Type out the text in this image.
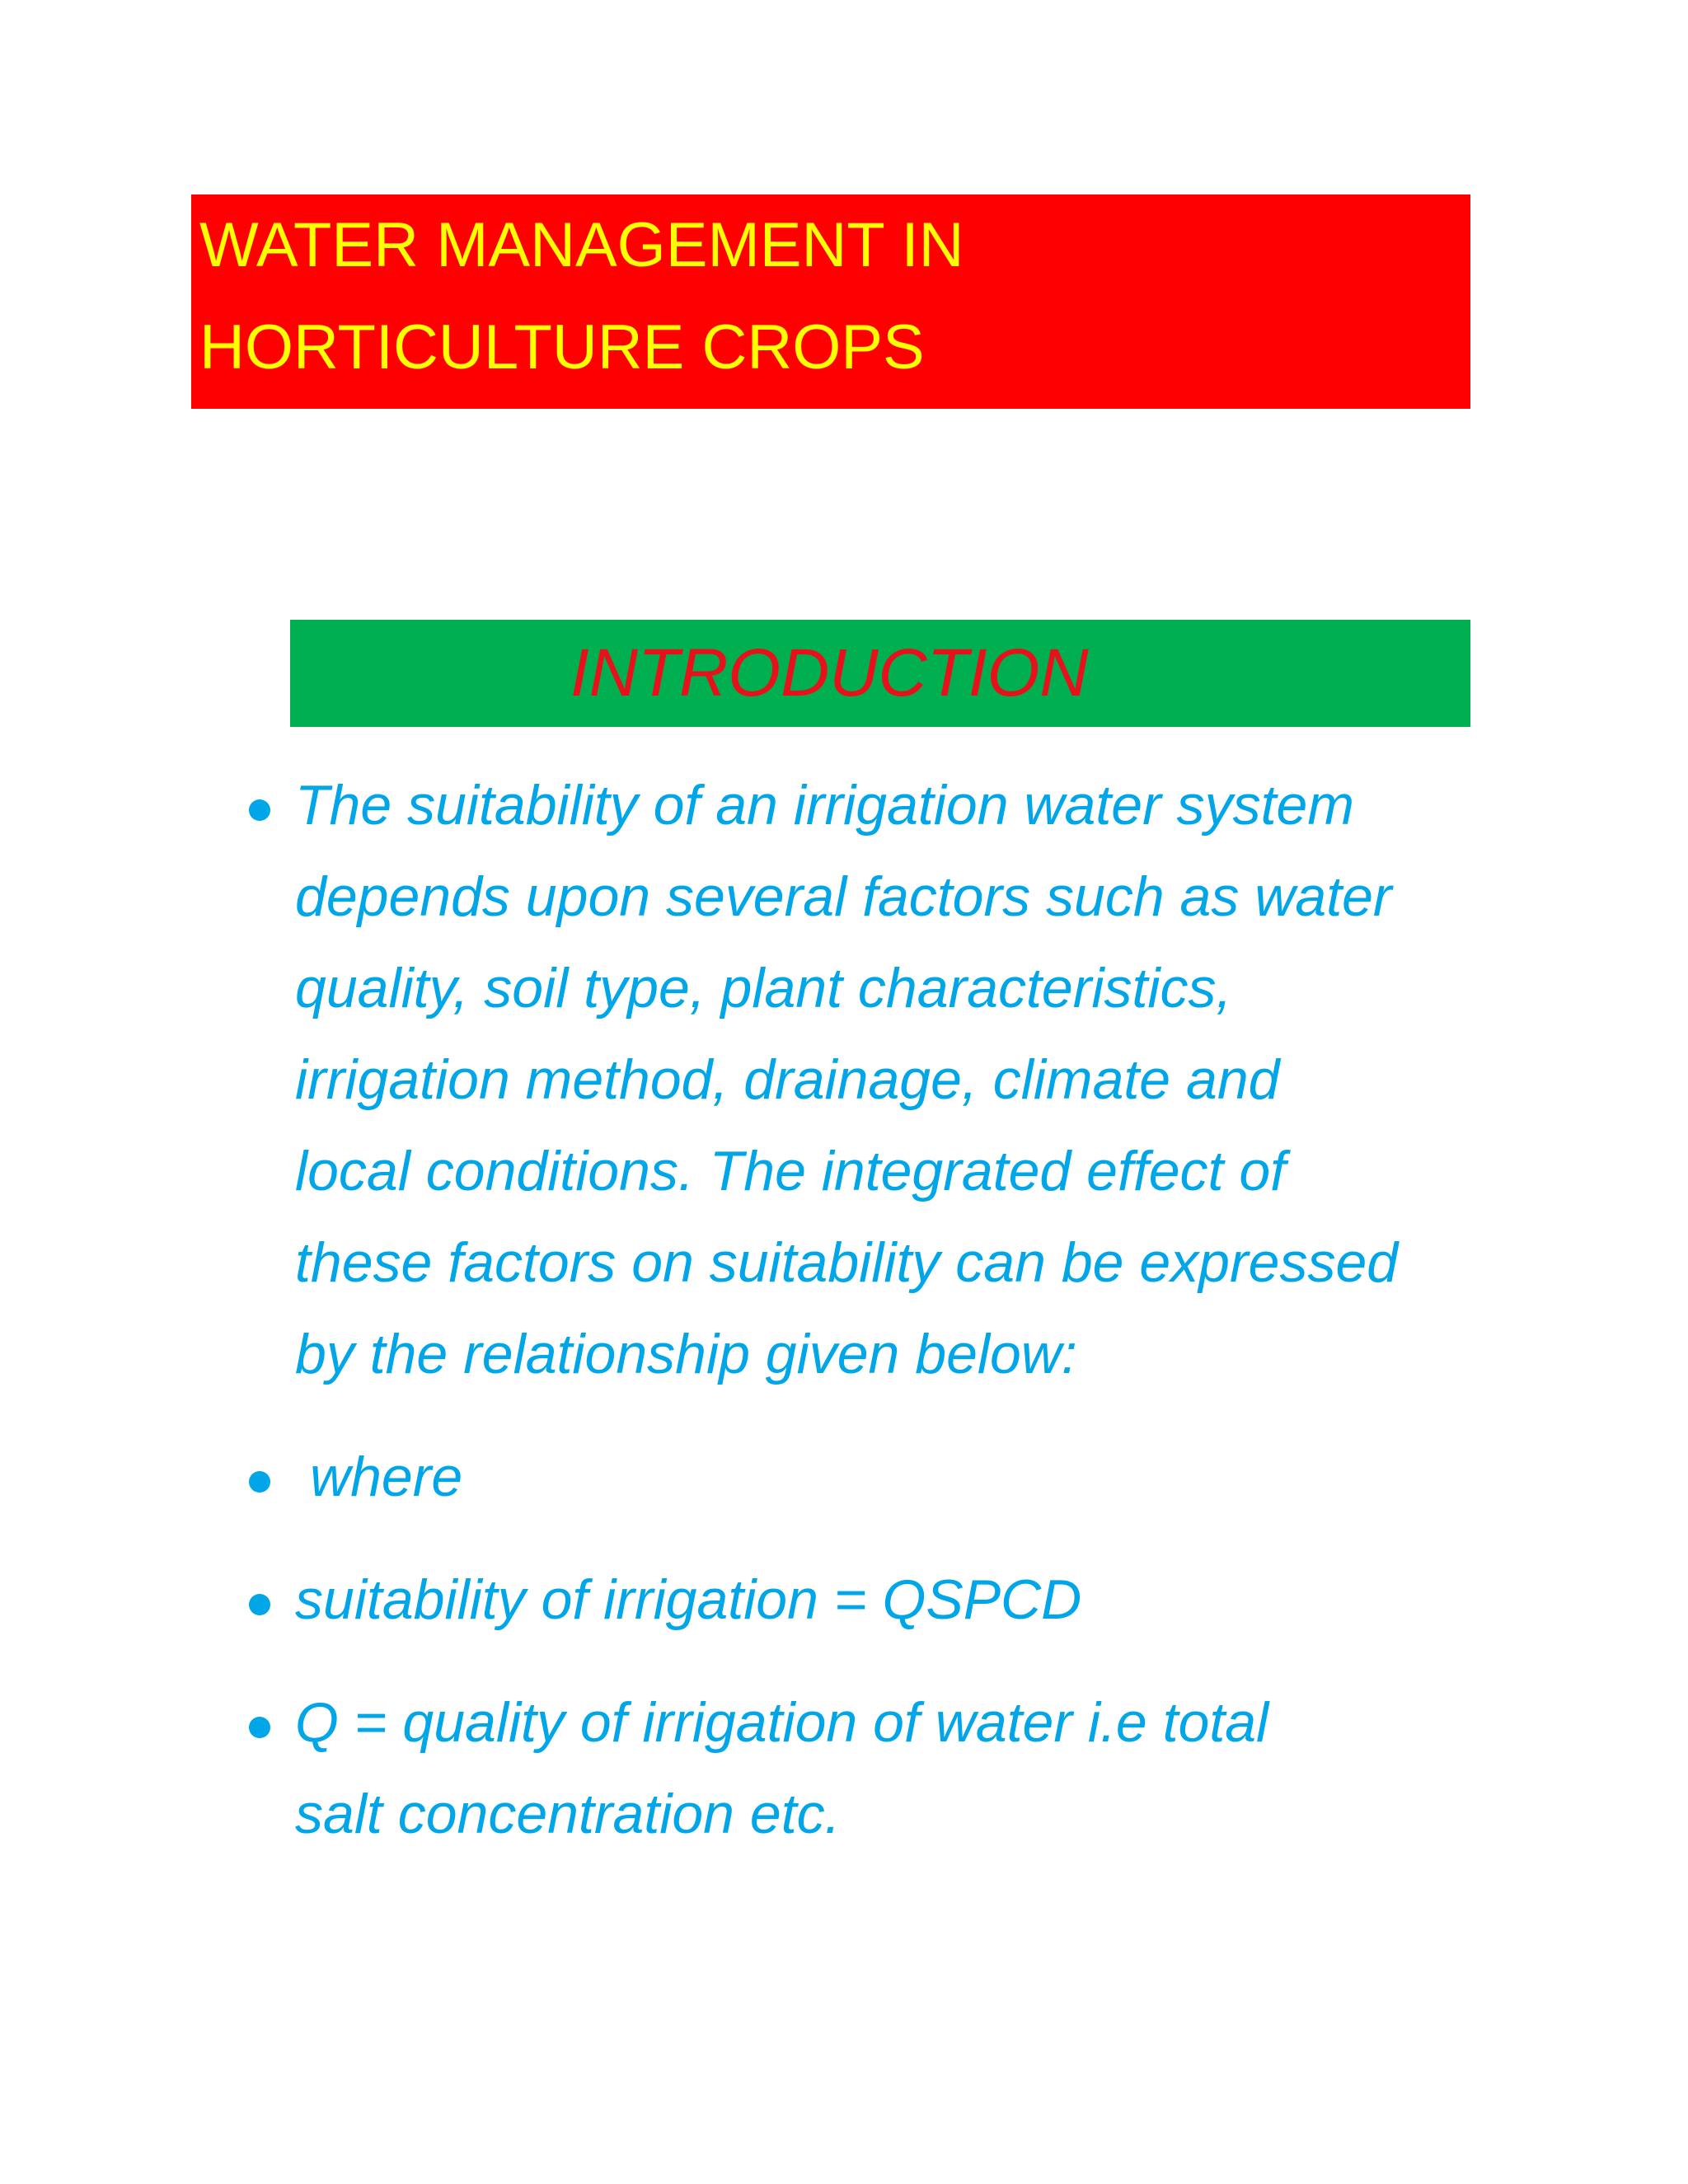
WATER MANAGEMENT IN
HORTICULTURE CROPS
INTRODUCTION
The suitability of an irrigation water system
depends upon several factors such as water
quality, soil type, plant characteristics,
irrigation method, drainage, climate and
local conditions. The integrated effect of
these factors on suitability can be expressed
by the relationship given below:
where
suitability of irrigation = QSPCD
Q = quality of irrigation of water i.e total
salt concentration etc.
